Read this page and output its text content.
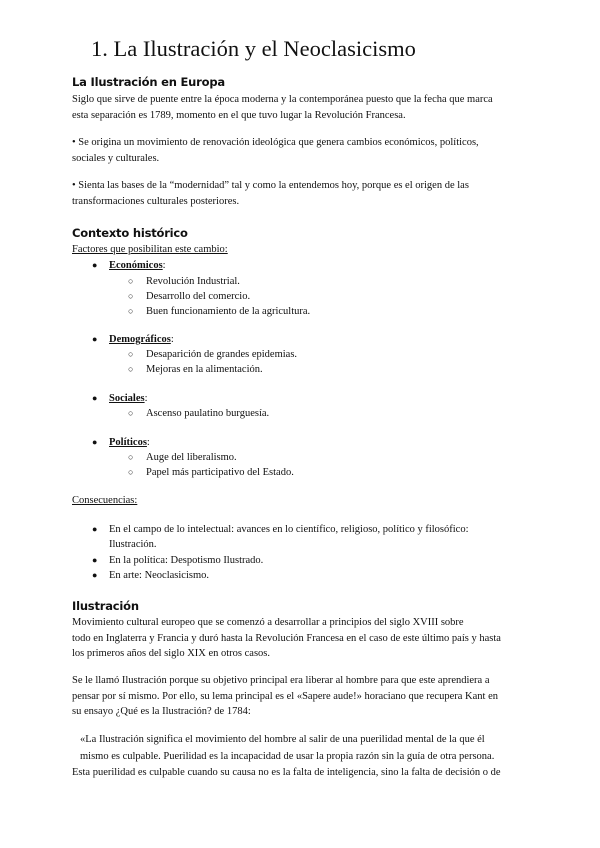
1. La Ilustración y el Neoclasicismo
La Ilustración en Europa
Siglo que sirve de puente entre la época moderna y la contemporánea puesto que la fecha que marca
esta separación es 1789, momento en el que tuvo lugar la Revolución Francesa.
• Se origina un movimiento de renovación ideológica que genera cambios económicos, políticos,
sociales y culturales.
• Sienta las bases de la “modernidad” tal y como la entendemos hoy, porque es el origen de las
transformaciones culturales posteriores.
Contexto histórico
Factores que posibilitan este cambio:
● Económicos:
○ Revolución Industrial.
○ Desarrollo del comercio.
○ Buen funcionamiento de la agricultura.
● Demográficos:
○ Desaparición de grandes epidemias.
○ Mejoras en la alimentación.
● Sociales:
○ Ascenso paulatino burguesía.
● Políticos:
○ Auge del liberalismo.
○ Papel más participativo del Estado.
Consecuencias:
● En el campo de lo intelectual: avances en lo científico, religioso, político y filosófico:
Ilustración.
● En la política: Despotismo Ilustrado.
● En arte: Neoclasicismo.
Ilustración
Movimiento cultural europeo que se comenzó a desarrollar a principios del siglo XVIII sobre
todo en Inglaterra y Francia y duró hasta la Revolución Francesa en el caso de este último país y hasta
los primeros años del siglo XIX en otros casos.
Se le llamó Ilustración porque su objetivo principal era liberar al hombre para que este aprendiera a
pensar por sí mismo. Por ello, su lema principal es el «Sapere aude!» horaciano que recupera Kant en
su ensayo ¿Qué es la Ilustración? de 1784:
«La Ilustración significa el movimiento del hombre al salir de una puerilidad mental de la que él
mismo es culpable. Puerilidad es la incapacidad de usar la propia razón sin la guía de otra persona.
Esta puerilidad es culpable cuando su causa no es la falta de inteligencia, sino la falta de decisión o de
